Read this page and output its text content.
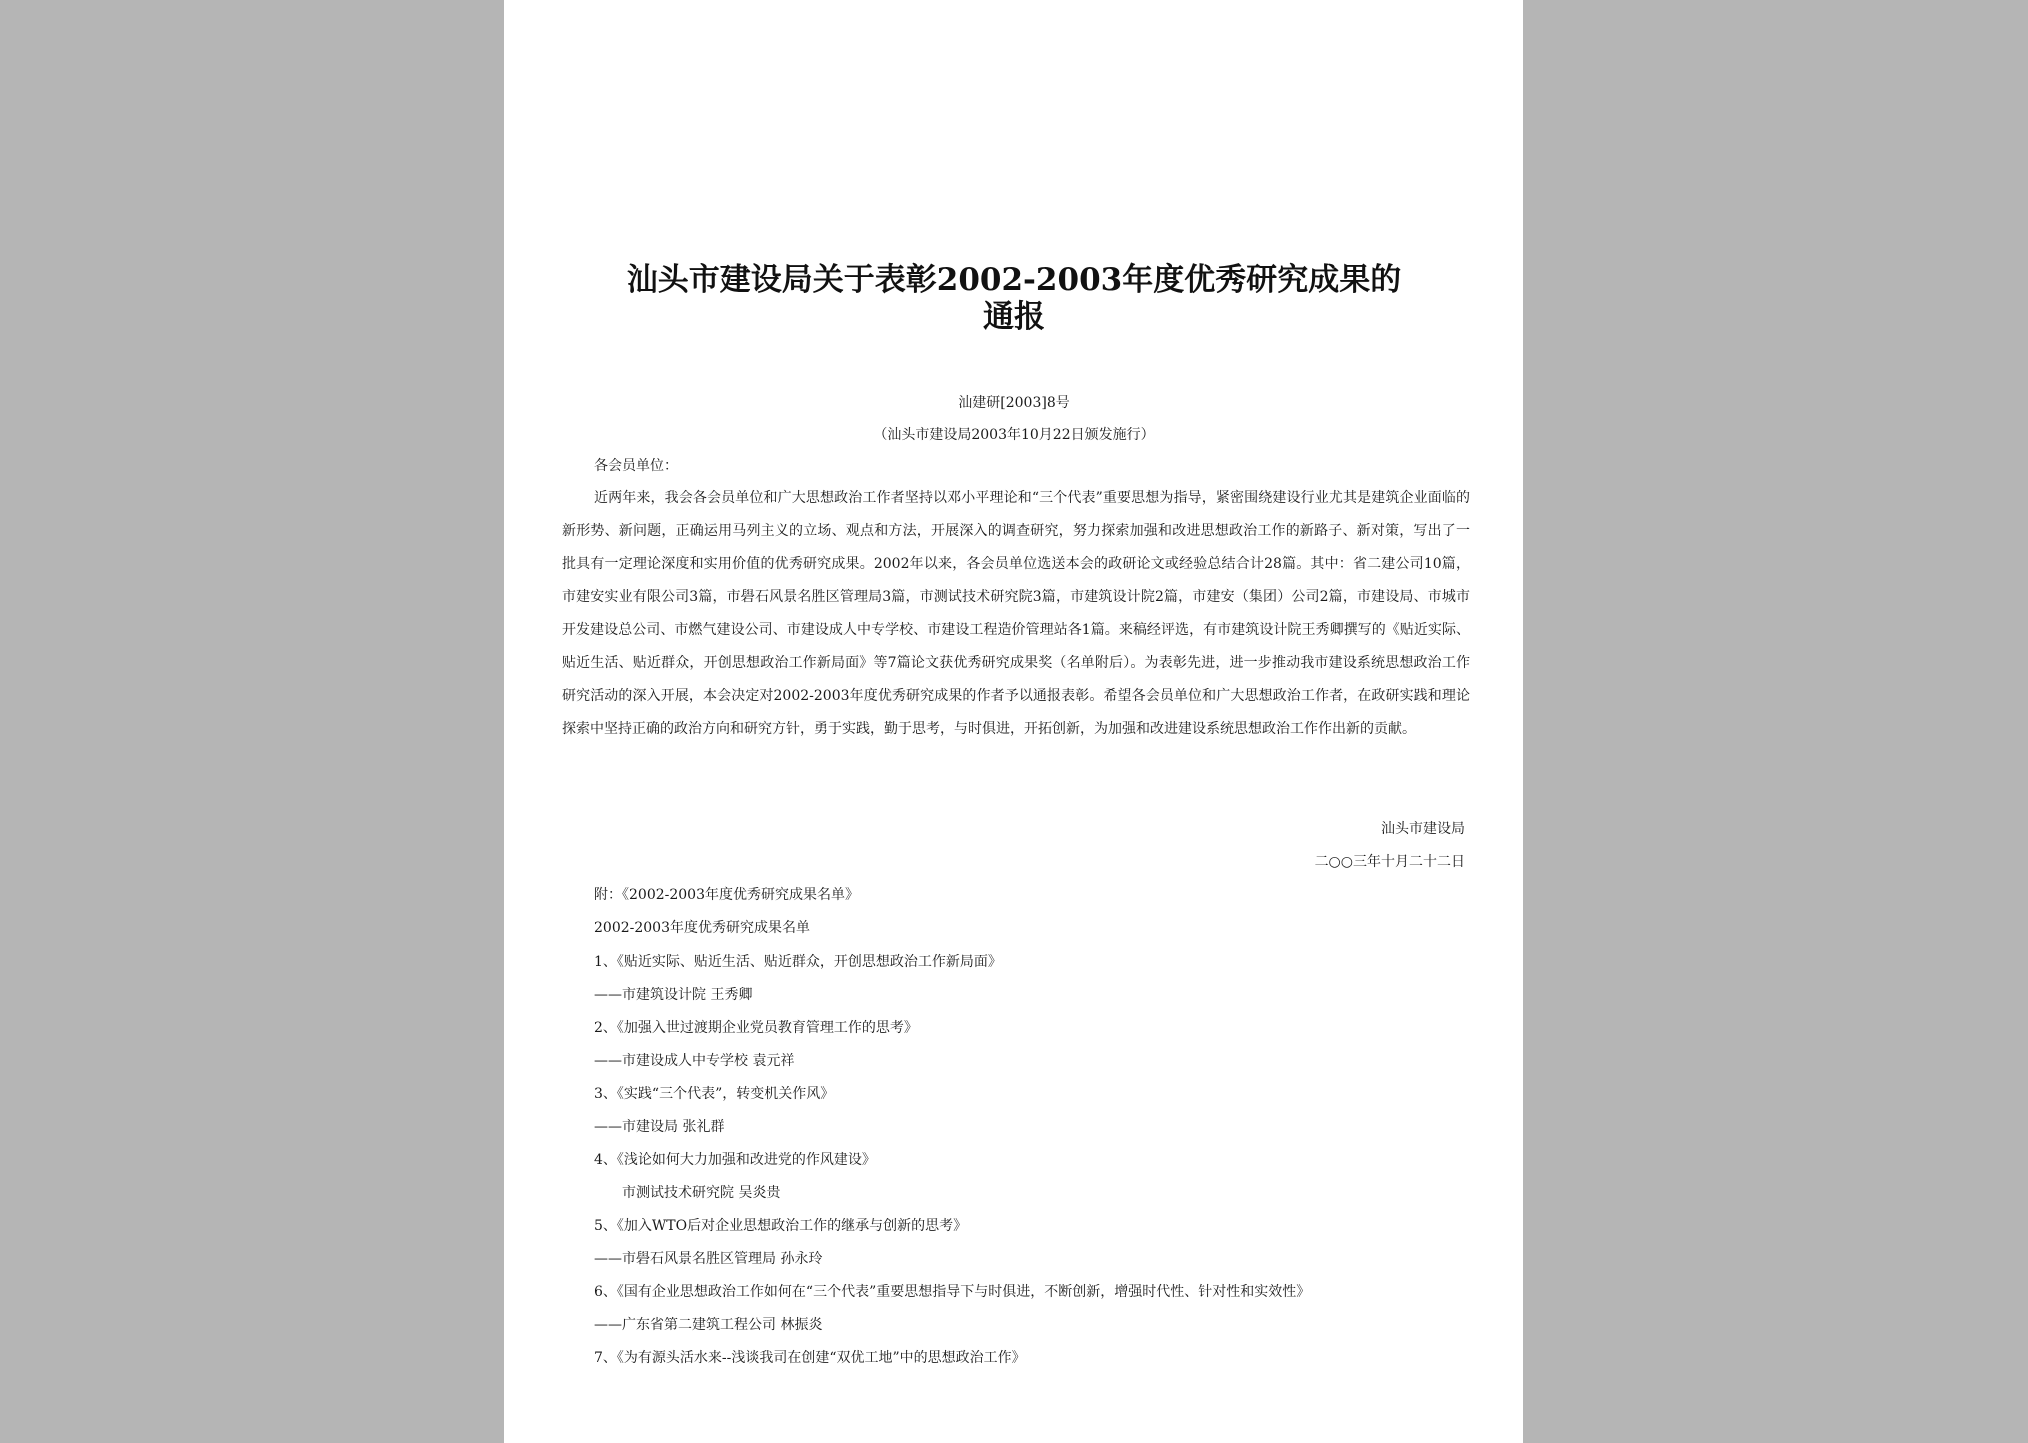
汕头市建设局关于表彰2002-2003年度优秀研究成果的
通报
汕建研[2003]8号
（汕头市建设局2003年10月22日颁发施行）
各会员单位：

近两年来，我会各会员单位和广大思想政治工作者坚持以邓小平理论和“三个代表”重要思想为指导，紧密围绕建设行业尤其是建筑企业面临的新形势、新问题，正确运用马列主义的立场、观点和方法，开展深入的调查研究，努力探索加强和改进思想政治工作的新路子、新对策，写出了一批具有一定理论深度和实用价值的优秀研究成果。2002年以来，各会员单位选送本会的政研论文或经验总结合计28篇。其中：省二建公司10篇，市建安实业有限公司3篇，市礐石风景名胜区管理局3篇，市测试技术研究院3篇，市建筑设计院2篇，市建安（集团）公司2篇，市建设局、市城市开发建设总公司、市燃气建设公司、市建设成人中专学校、市建设工程造价管理站各1篇。来稿经评选，有市建筑设计院王秀卿撰写的《贴近实际、贴近生活、贴近群众，开创思想政治工作新局面》等7篇论文获优秀研究成果奖（名单附后）。为表彰先进，进一步推动我市建设系统思想政治工作研究活动的深入开展，本会决定对2002-2003年度优秀研究成果的作者予以通报表彰。希望各会员单位和广大思想政治工作者，在政研实践和理论探索中坚持正确的政治方向和研究方针，勇于实践，勤于思考，与时俱进，开拓创新，为加强和改进建设系统思想政治工作作出新的贡献。

汕头市建设局
二○○三年十月二十二日
附：《2002-2003年度优秀研究成果名单》
2002-2003年度优秀研究成果名单
1、《贴近实际、贴近生活、贴近群众，开创思想政治工作新局面》
——市建筑设计院 王秀卿
2、《加强入世过渡期企业党员教育管理工作的思考》
——市建设成人中专学校 袁元祥
3、《实践“三个代表”，转变机关作风》
——市建设局 张礼群
4、《浅论如何大力加强和改进党的作风建设》
　　市测试技术研究院 吴炎贵
5、《加入WTO后对企业思想政治工作的继承与创新的思考》
——市礐石风景名胜区管理局 孙永玲
6、《国有企业思想政治工作如何在“三个代表”重要思想指导下与时俱进，不断创新，增强时代性、针对性和实效性》
——广东省第二建筑工程公司 林振炎
7、《为有源头活水来--浅谈我司在创建“双优工地”中的思想政治工作》
